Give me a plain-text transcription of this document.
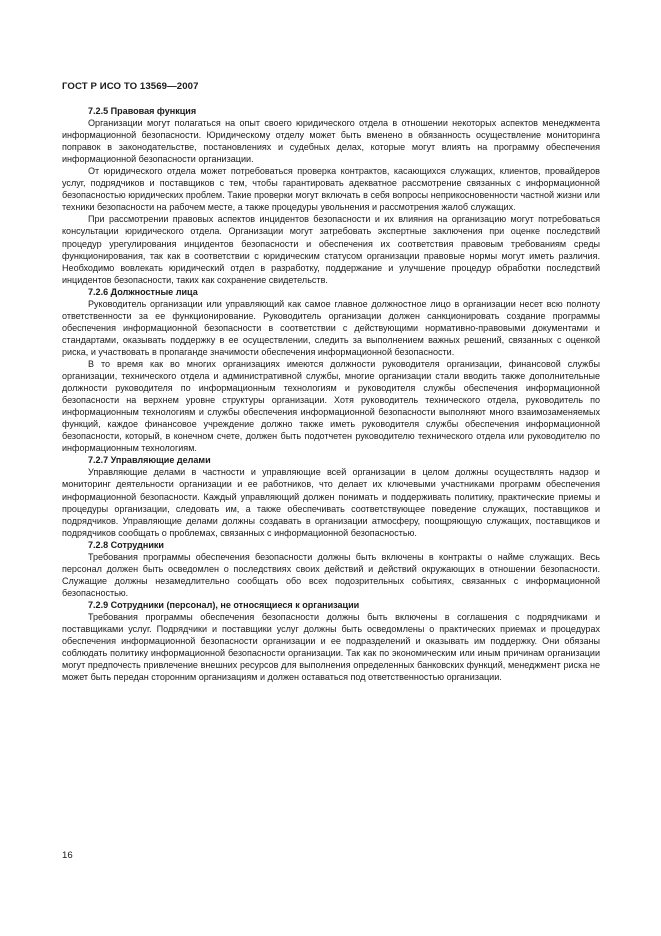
ГОСТ Р ИСО ТО 13569—2007
7.2.5 Правовая функция

Организации могут полагаться на опыт своего юридического отдела в отношении некоторых аспектов менеджмента информационной безопасности. Юридическому отделу может быть вменено в обязанность осуществление мониторинга поправок в законодательстве, постановлениях и судебных делах, которые могут влиять на программу обеспечения информационной безопасности организации.

От юридического отдела может потребоваться проверка контрактов, касающихся служащих, клиентов, провайдеров услуг, подрядчиков и поставщиков с тем, чтобы гарантировать адекватное рассмотрение связанных с информационной безопасностью юридических проблем. Такие проверки могут включать в себя вопросы неприкосновенности частной жизни или техники безопасности на рабочем месте, а также процедуры увольнения и рассмотрения жалоб служащих.

При рассмотрении правовых аспектов инцидентов безопасности и их влияния на организацию могут потребоваться консультации юридического отдела. Организации могут затребовать экспертные заключения при оценке последствий процедур урегулирования инцидентов безопасности и обеспечения их соответствия правовым требованиям среды функционирования, так как в соответствии с юридическим статусом организации правовые нормы могут иметь различия. Необходимо вовлекать юридический отдел в разработку, поддержание и улучшение процедур обработки последствий инцидентов безопасности, таких как сохранение свидетельств.

7.2.6 Должностные лица

Руководитель организации или управляющий как самое главное должностное лицо в организации несет всю полноту ответственности за ее функционирование. Руководитель организации должен санкционировать создание программы обеспечения информационной безопасности в соответствии с действующими нормативно-правовыми документами и стандартами, оказывать поддержку в ее осуществлении, следить за выполнением важных решений, связанных с оценкой риска, и участвовать в пропаганде значимости обеспечения информационной безопасности.

В то время как во многих организациях имеются должности руководителя организации, финансовой службы организации, технического отдела и административной службы, многие организации стали вводить также дополнительные должности руководителя по информационным технологиям и руководителя службы обеспечения информационной безопасности на верхнем уровне структуры организации. Хотя руководитель технического отдела, руководитель по информационным технологиям и службы обеспечения информационной безопасности выполняют много взаимозаменяемых функций, каждое финансовое учреждение должно также иметь руководителя службы обеспечения информационной безопасности, который, в конечном счете, должен быть подотчетен руководителю технического отдела или руководителю по информационным технологиям.

7.2.7 Управляющие делами

Управляющие делами в частности и управляющие всей организации в целом должны осуществлять надзор и мониторинг деятельности организации и ее работников, что делает их ключевыми участниками программ обеспечения информационной безопасности. Каждый управляющий должен понимать и поддерживать политику, практические приемы и процедуры организации, следовать им, а также обеспечивать соответствующее поведение служащих, поставщиков и подрядчиков. Управляющие делами должны создавать в организации атмосферу, поощряющую служащих, поставщиков и подрядчиков сообщать о проблемах, связанных с информационной безопасностью.

7.2.8 Сотрудники

Требования программы обеспечения безопасности должны быть включены в контракты о найме служащих. Весь персонал должен быть осведомлен о последствиях своих действий и действий окружающих в отношении безопасности. Служащие должны незамедлительно сообщать обо всех подозрительных событиях, связанных с информационной безопасностью.

7.2.9 Сотрудники (персонал), не относящиеся к организации

Требования программы обеспечения безопасности должны быть включены в соглашения с подрядчиками и поставщиками услуг. Подрядчики и поставщики услуг должны быть осведомлены о практических приемах и процедурах обеспечения информационной безопасности организации и ее подразделений и оказывать им поддержку. Они обязаны соблюдать политику информационной безопасности организации. Так как по экономическим или иным причинам организации могут предпочесть привлечение внешних ресурсов для выполнения определенных банковских функций, менеджмент риска не может быть передан сторонним организациям и должен оставаться под ответственностью организации.

16
